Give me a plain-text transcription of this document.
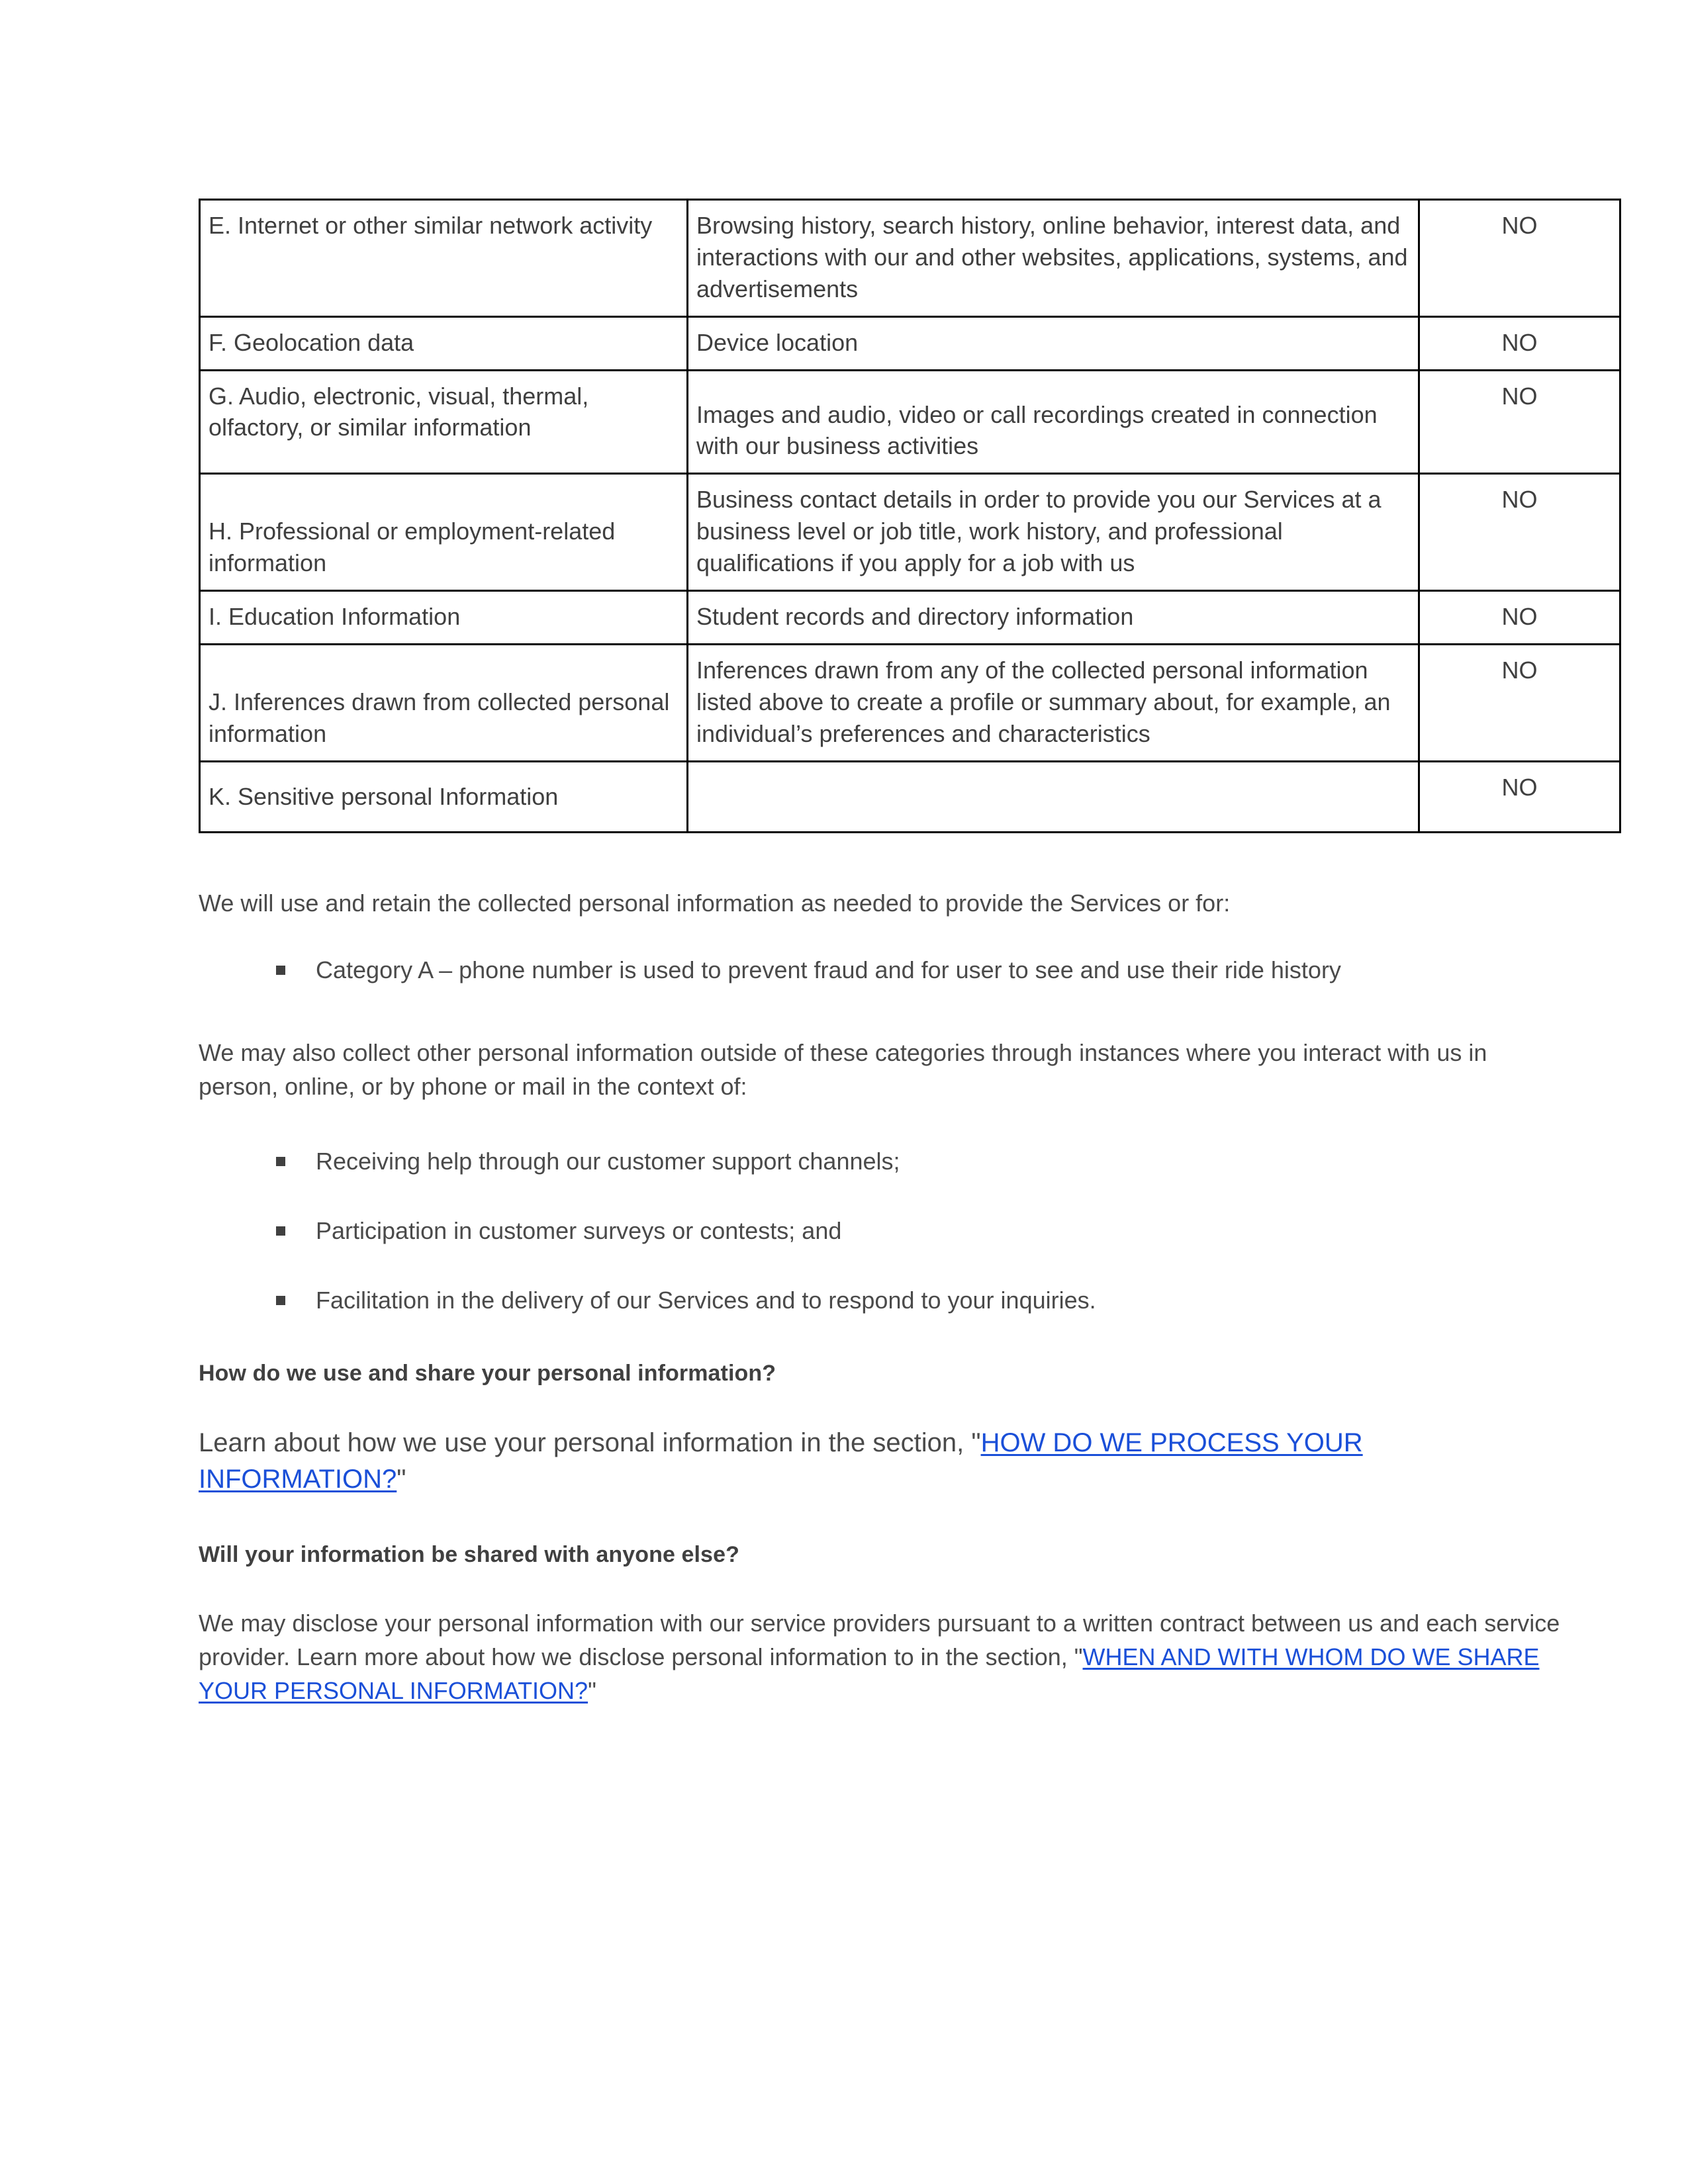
E. Internet or other similar network activity	Browsing history, search history, online behavior, interest data, and interactions with our and other websites, applications, systems, and advertisements	NO
F. Geolocation data	Device location	NO
G. Audio, electronic, visual, thermal, olfactory, or similar information	Images and audio, video or call recordings created in connection with our business activities	NO
H. Professional or employment-related information	Business contact details in order to provide you our Services at a business level or job title, work history, and professional qualifications if you apply for a job with us	NO
I. Education Information	Student records and directory information	NO
J. Inferences drawn from collected personal information	Inferences drawn from any of the collected personal information listed above to create a profile or summary about, for example, an individual’s preferences and characteristics	NO
K. Sensitive personal Information		NO

We will use and retain the collected personal information as needed to provide the Services or for:

Category A – phone number is used to prevent fraud and for user to see and use their ride history

We may also collect other personal information outside of these categories through instances where you interact with us in person, online, or by phone or mail in the context of:

Receiving help through our customer support channels;
Participation in customer surveys or contests; and
Facilitation in the delivery of our Services and to respond to your inquiries.

How do we use and share your personal information?

Learn about how we use your personal information in the section, "HOW DO WE PROCESS YOUR INFORMATION?"

Will your information be shared with anyone else?

We may disclose your personal information with our service providers pursuant to a written contract between us and each service provider. Learn more about how we disclose personal information to in the section, "WHEN AND WITH WHOM DO WE SHARE YOUR PERSONAL INFORMATION?"
